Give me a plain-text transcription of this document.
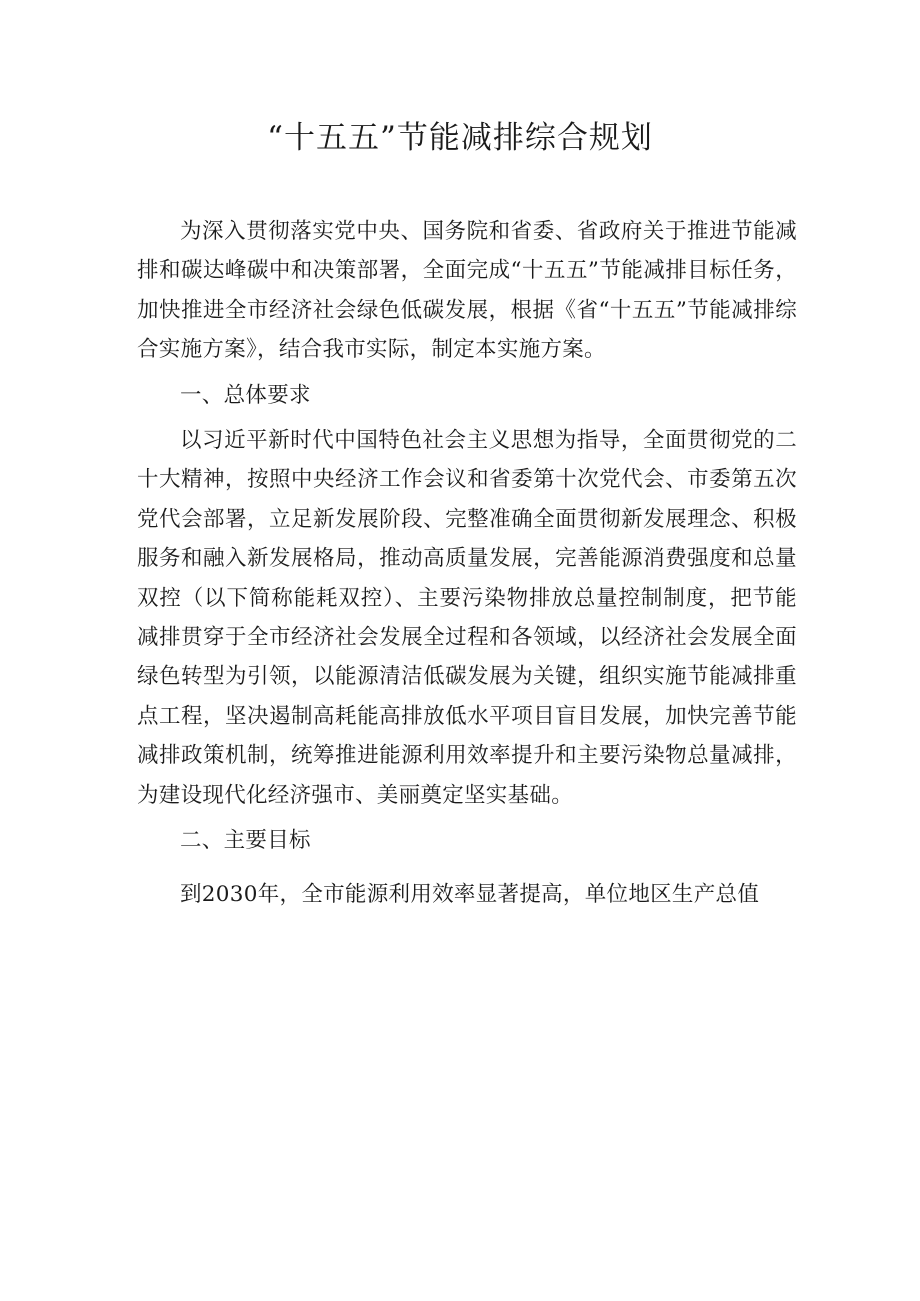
“十五五”节能减排综合规划

为深入贯彻落实党中央、国务院和省委、省政府关于推进节能减排和碳达峰碳中和决策部署，全面完成“十五五”节能减排目标任务，加快推进全市经济社会绿色低碳发展，根据《省“十五五”节能减排综合实施方案》，结合我市实际，制定本实施方案。

一、总体要求

以习近平新时代中国特色社会主义思想为指导，全面贯彻党的二十大精神，按照中央经济工作会议和省委第十次党代会、市委第五次党代会部署，立足新发展阶段、完整准确全面贯彻新发展理念、积极服务和融入新发展格局，推动高质量发展，完善能源消费强度和总量双控（以下简称能耗双控）、主要污染物排放总量控制制度，把节能减排贯穿于全市经济社会发展全过程和各领域，以经济社会发展全面绿色转型为引领，以能源清洁低碳发展为关键，组织实施节能减排重点工程，坚决遏制高耗能高排放低水平项目盲目发展，加快完善节能减排政策机制，统筹推进能源利用效率提升和主要污染物总量减排，为建设现代化经济强市、美丽奠定坚实基础。

二、主要目标

到2030年，全市能源利用效率显著提高，单位地区生产总值
